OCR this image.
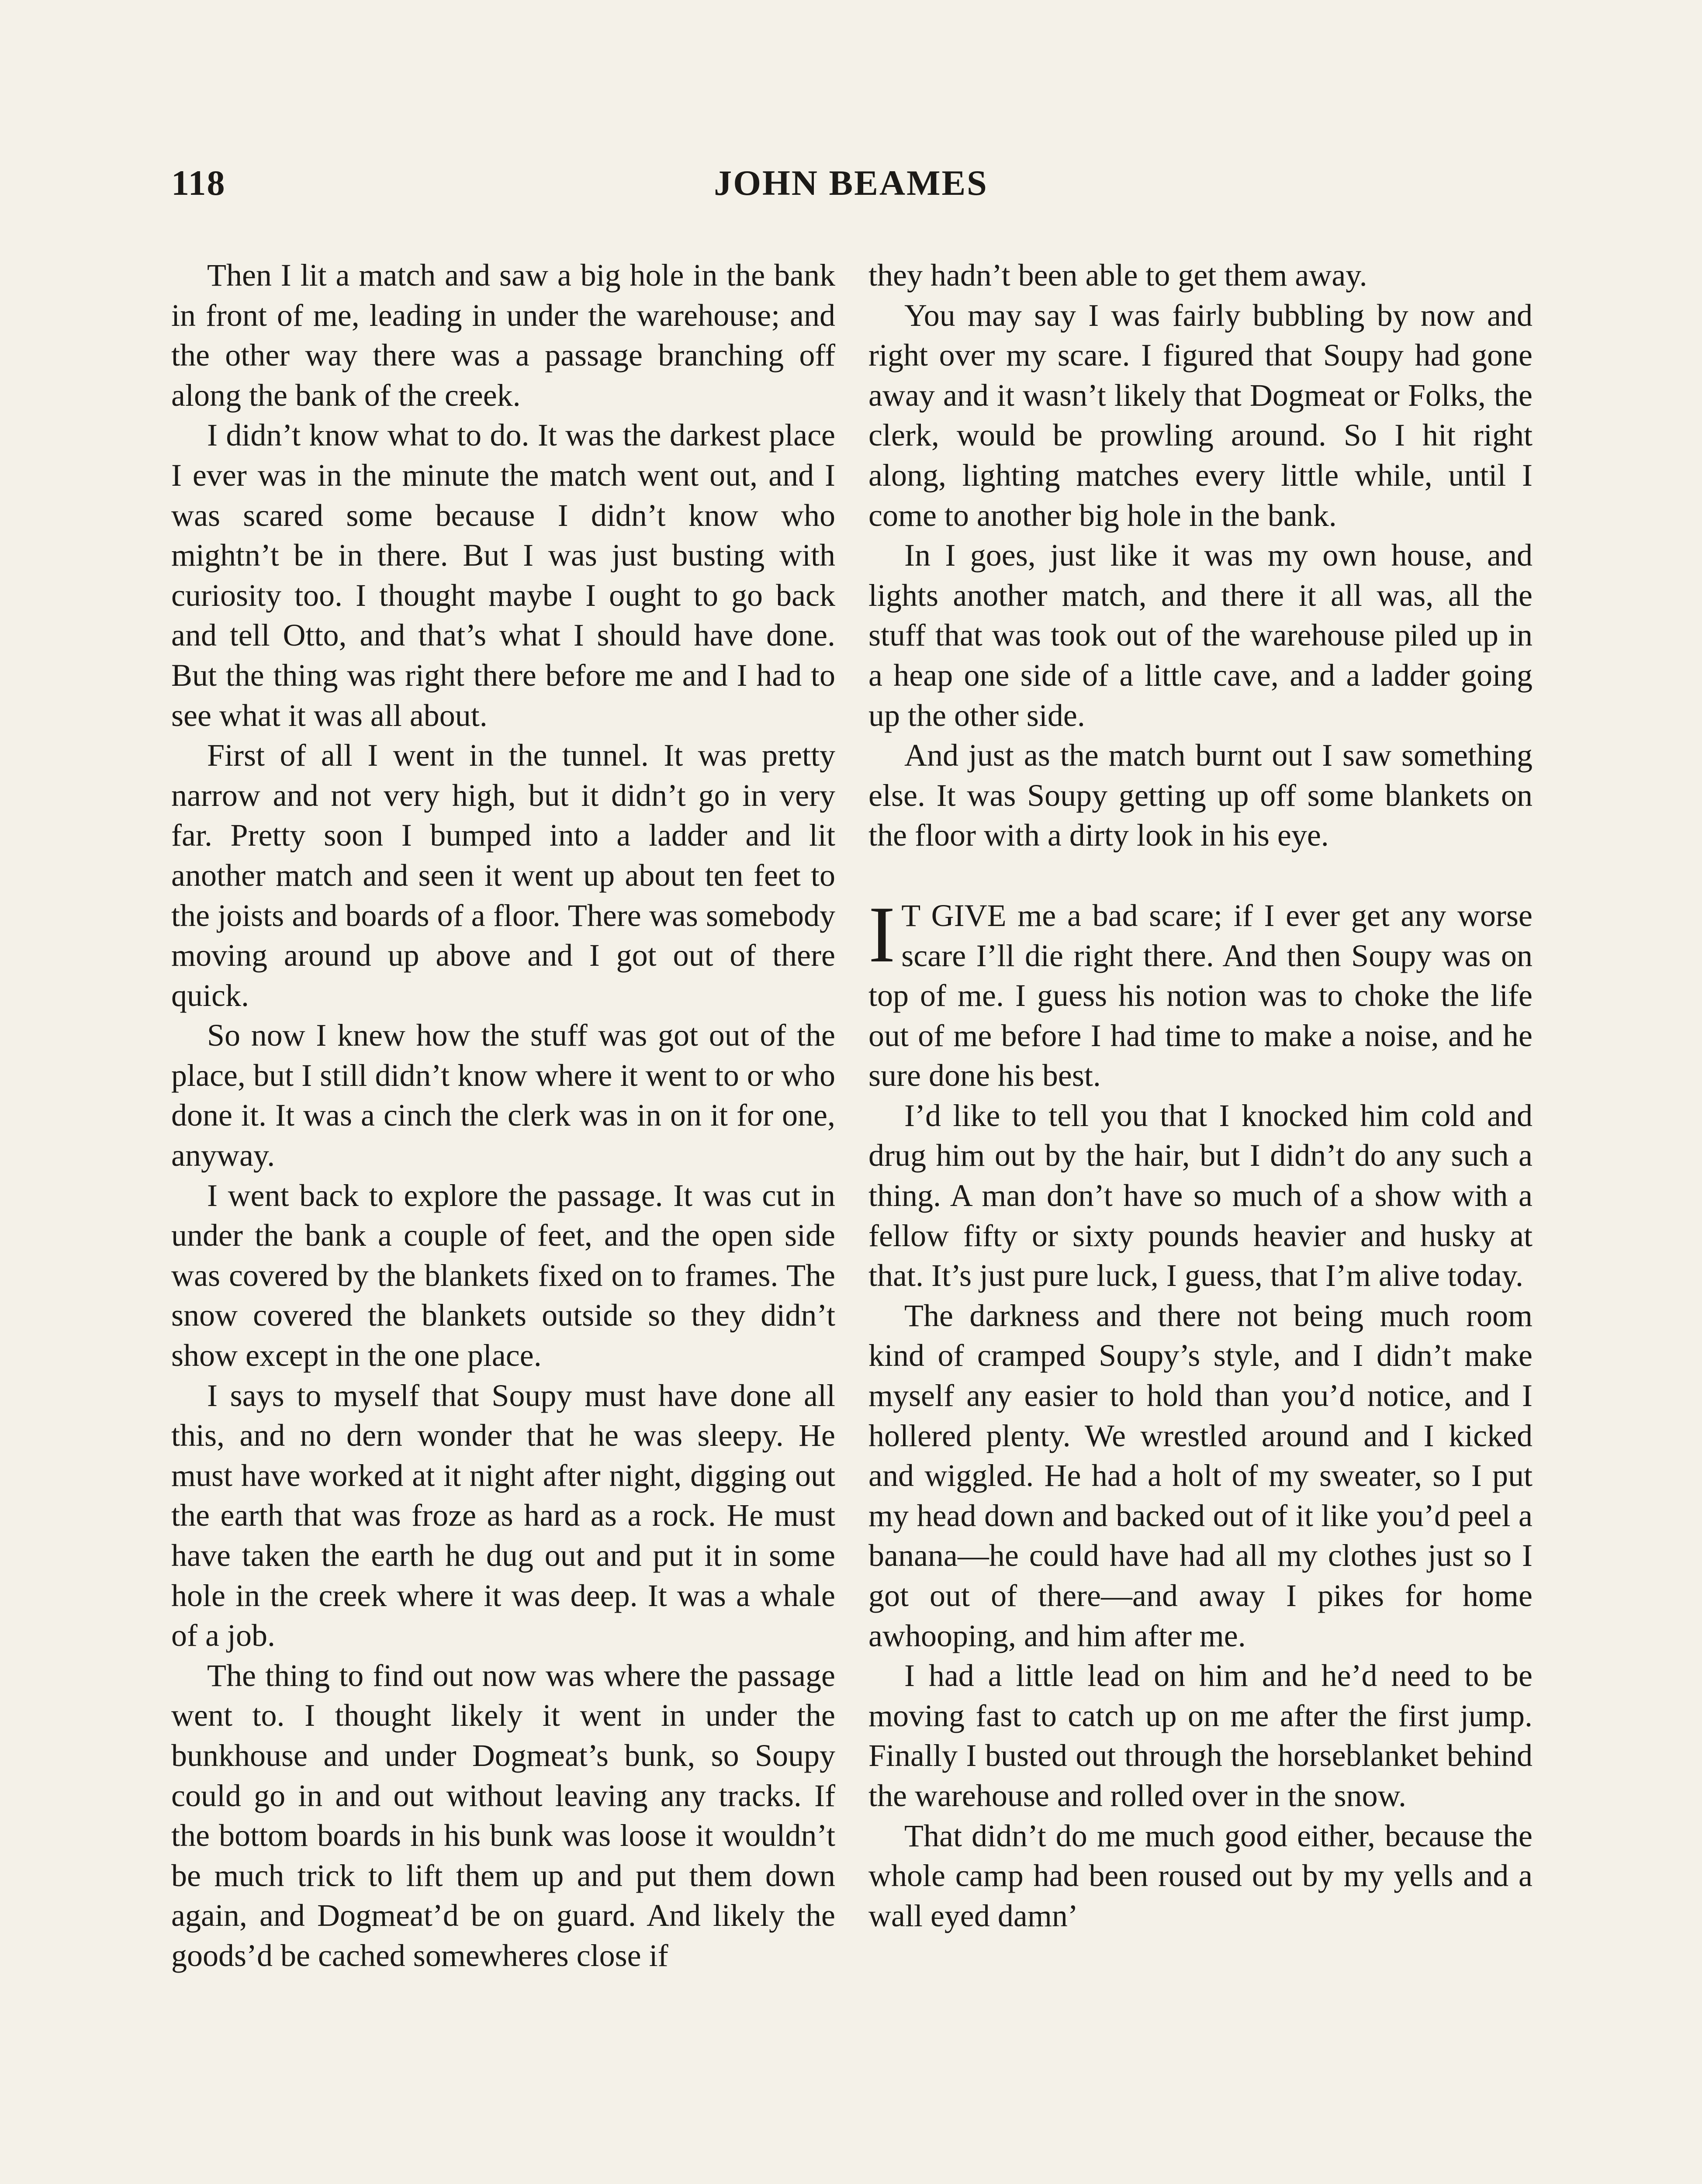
118	JOHN BEAMES

Then I lit a match and saw a big hole in the bank in front of me, leading in under the warehouse; and the other way there was a passage branching off along the bank of the creek.

I didn’t know what to do. It was the darkest place I ever was in the minute the match went out, and I was scared some because I didn’t know who mightn’t be in there. But I was just busting with curiosity too. I thought maybe I ought to go back and tell Otto, and that’s what I should have done. But the thing was right there before me and I had to see what it was all about.

First of all I went in the tunnel. It was pretty narrow and not very high, but it didn’t go in very far. Pretty soon I bumped into a ladder and lit another match and seen it went up about ten feet to the joists and boards of a floor. There was somebody moving around up above and I got out of there quick.

So now I knew how the stuff was got out of the place, but I still didn’t know where it went to or who done it. It was a cinch the clerk was in on it for one, anyway.

I went back to explore the passage. It was cut in under the bank a couple of feet, and the open side was covered by the blankets fixed on to frames. The snow covered the blankets outside so they didn’t show except in the one place.

I says to myself that Soupy must have done all this, and no dern wonder that he was sleepy. He must have worked at it night after night, digging out the earth that was froze as hard as a rock. He must have taken the earth he dug out and put it in some hole in the creek where it was deep. It was a whale of a job.

The thing to find out now was where the passage went to. I thought likely it went in under the bunkhouse and under Dogmeat’s bunk, so Soupy could go in and out without leaving any tracks. If the bottom boards in his bunk was loose it wouldn’t be much trick to lift them up and put them down again, and Dogmeat’d be on guard. And likely the goods’d be cached somewheres close if

they hadn’t been able to get them away.

You may say I was fairly bubbling by now and right over my scare. I figured that Soupy had gone away and it wasn’t likely that Dogmeat or Folks, the clerk, would be prowling around. So I hit right along, lighting matches every little while, until I come to another big hole in the bank.

In I goes, just like it was my own house, and lights another match, and there it all was, all the stuff that was took out of the warehouse piled up in a heap one side of a little cave, and a ladder going up the other side.

And just as the match burnt out I saw something else. It was Soupy getting up off some blankets on the floor with a dirty look in his eye.

I T GIVE me a bad scare; if I ever get any worse scare I’ll die right there. And then Soupy was on top of me. I guess his notion was to choke the life out of me before I had time to make a noise, and he sure done his best.

I’d like to tell you that I knocked him cold and drug him out by the hair, but I didn’t do any such a thing. A man don’t have so much of a show with a fellow fifty or sixty pounds heavier and husky at that. It’s just pure luck, I guess, that I’m alive today.

The darkness and there not being much room kind of cramped Soupy’s style, and I didn’t make myself any easier to hold than you’d notice, and I hollered plenty. We wrestled around and I kicked and wiggled. He had a holt of my sweater, so I put my head down and backed out of it like you’d peel a banana—he could have had all my clothes just so I got out of there—and away I pikes for home awhooping, and him after me.

I had a little lead on him and he’d need to be moving fast to catch up on me after the first jump. Finally I busted out through the horseblanket behind the warehouse and rolled over in the snow.

That didn’t do me much good either, because the whole camp had been roused out by my yells and a wall eyed damn’
